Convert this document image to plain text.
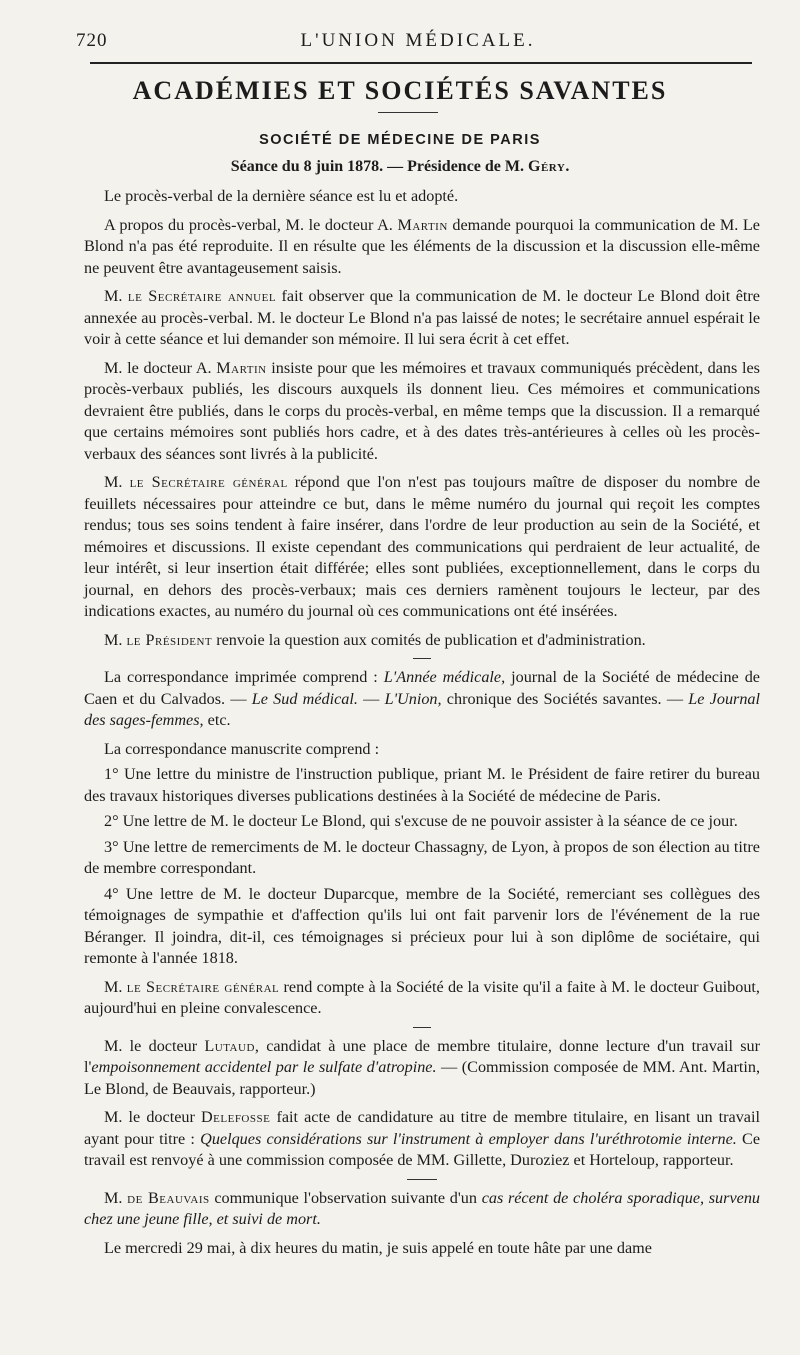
720	L'UNION MÉDICALE.
ACADÉMIES ET SOCIÉTÉS SAVANTES
SOCIÉTÉ DE MÉDECINE DE PARIS
Séance du 8 juin 1878. — Présidence de M. Géry.

Le procès-verbal de la dernière séance est lu et adopté.

A propos du procès-verbal, M. le docteur A. Martin demande pourquoi la communication de M. Le Blond n'a pas été reproduite. Il en résulte que les éléments de la discussion et la discussion elle-même ne peuvent être avantageusement saisis.

M. le Secrétaire annuel fait observer que la communication de M. le docteur Le Blond doit être annexée au procès-verbal. M. le docteur Le Blond n'a pas laissé de notes; le secrétaire annuel espérait le voir à cette séance et lui demander son mémoire. Il lui sera écrit à cet effet.

M. le docteur A. Martin insiste pour que les mémoires et travaux communiqués précèdent, dans les procès-verbaux publiés, les discours auxquels ils donnent lieu. Ces mémoires et communications devraient être publiés, dans le corps du procès-verbal, en même temps que la discussion. Il a remarqué que certains mémoires sont publiés hors cadre, et à des dates très-antérieures à celles où les procès-verbaux des séances sont livrés à la publicité.

M. le Secrétaire général répond que l'on n'est pas toujours maître de disposer du nombre de feuillets nécessaires pour atteindre ce but, dans le même numéro du journal qui reçoit les comptes rendus; tous ses soins tendent à faire insérer, dans l'ordre de leur production au sein de la Société, et mémoires et discussions. Il existe cependant des communications qui perdraient de leur actualité, de leur intérêt, si leur insertion était différée; elles sont publiées, exceptionnellement, dans le corps du journal, en dehors des procès-verbaux; mais ces derniers ramènent toujours le lecteur, par des indications exactes, au numéro du journal où ces communications ont été insérées.

M. le Président renvoie la question aux comités de publication et d'administration.

La correspondance imprimée comprend : L'Année médicale, journal de la Société de médecine de Caen et du Calvados. — Le Sud médical. — L'Union, chronique des Sociétés savantes. — Le Journal des sages-femmes, etc.

La correspondance manuscrite comprend :

1° Une lettre du ministre de l'instruction publique, priant M. le Président de faire retirer du bureau des travaux historiques diverses publications destinées à la Société de médecine de Paris.

2° Une lettre de M. le docteur Le Blond, qui s'excuse de ne pouvoir assister à la séance de ce jour.

3° Une lettre de remerciments de M. le docteur Chassagny, de Lyon, à propos de son élection au titre de membre correspondant.

4° Une lettre de M. le docteur Duparcque, membre de la Société, remerciant ses collègues des témoignages de sympathie et d'affection qu'ils lui ont fait parvenir lors de l'événement de la rue Béranger. Il joindra, dit-il, ces témoignages si précieux pour lui à son diplôme de sociétaire, qui remonte à l'année 1818.

M. le Secrétaire général rend compte à la Société de la visite qu'il a faite à M. le docteur Guibout, aujourd'hui en pleine convalescence.

M. le docteur Lutaud, candidat à une place de membre titulaire, donne lecture d'un travail sur l'empoisonnement accidentel par le sulfate d'atropine. — (Commission composée de MM. Ant. Martin, Le Blond, de Beauvais, rapporteur.)

M. le docteur Delefosse fait acte de candidature au titre de membre titulaire, en lisant un travail ayant pour titre : Quelques considérations sur l'instrument à employer dans l'uréthrotomie interne. Ce travail est renvoyé à une commission composée de MM. Gillette, Duroziez et Horteloup, rapporteur.

M. de Beauvais communique l'observation suivante d'un cas récent de choléra sporadique, survenu chez une jeune fille, et suivi de mort.

Le mercredi 29 mai, à dix heures du matin, je suis appelé en toute hâte par une dame
